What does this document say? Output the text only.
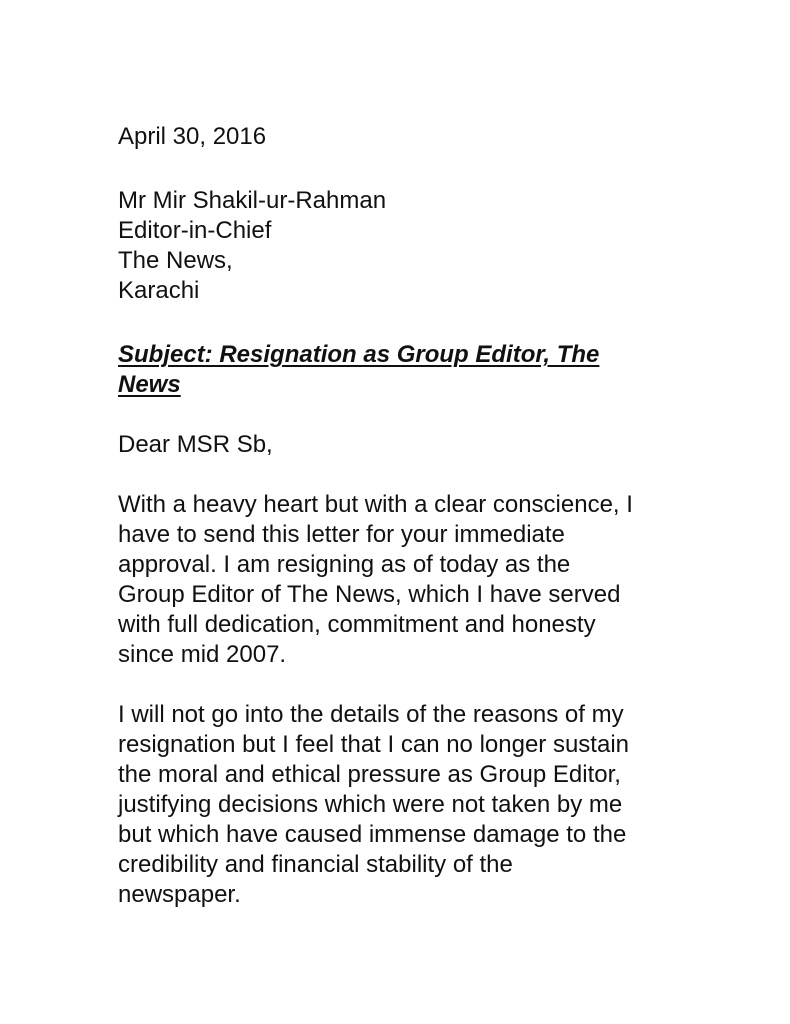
April 30, 2016
Mr Mir Shakil-ur-Rahman
Editor-in-Chief
The News,
Karachi
Subject: Resignation as Group Editor, The
News
Dear MSR Sb,
With a heavy heart but with a clear conscience, I
have to send this letter for your immediate
approval. I am resigning as of today as the
Group Editor of The News, which I have served
with full dedication, commitment and honesty
since mid 2007.
I will not go into the details of the reasons of my
resignation but I feel that I can no longer sustain
the moral and ethical pressure as Group Editor,
justifying decisions which were not taken by me
but which have caused immense damage to the
credibility and financial stability of the
newspaper.
